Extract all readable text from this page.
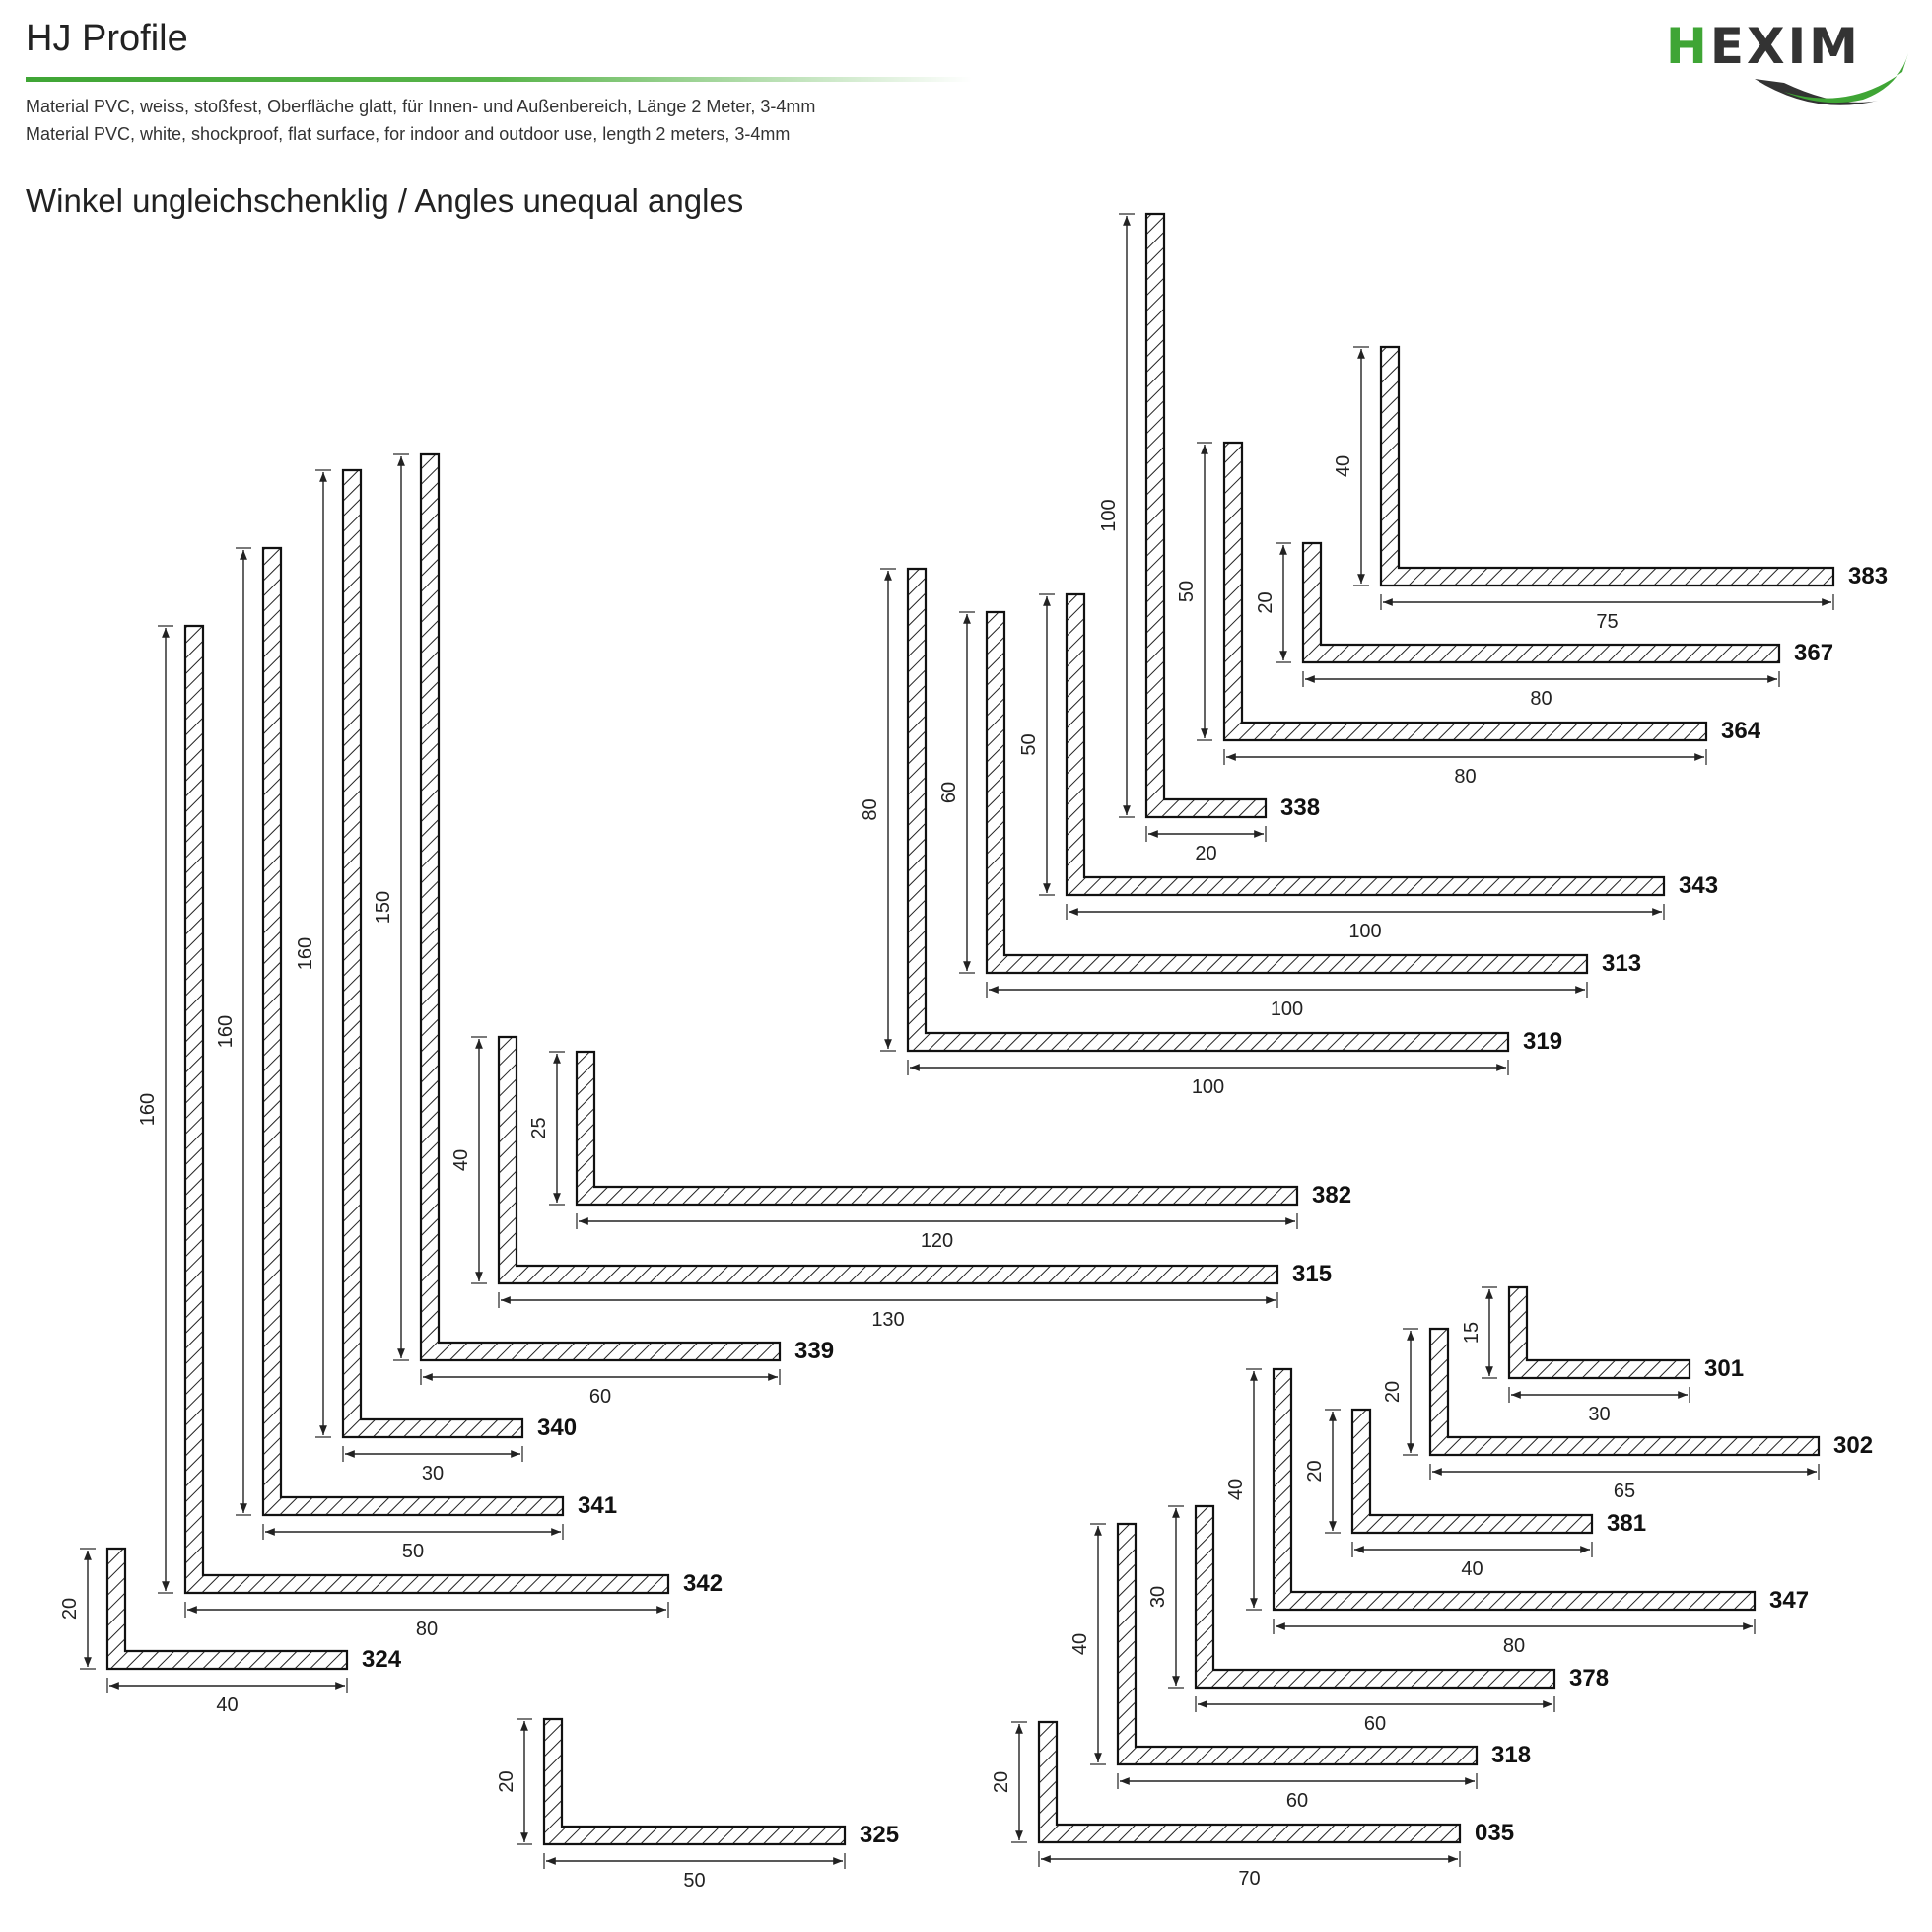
HJ Profile
Material PVC, weiss, stoßfest, Oberfläche glatt, für Innen- und Außenbereich, Länge 2 Meter, 3-4mm
Material PVC, white, shockproof, flat surface, for indoor and outdoor use, length 2 meters, 3-4mm
Winkel ungleichschenklig / Angles unequal angles
HEXIM
40
75
383
20
80
367
50
80
364
100
20
338
50
100
343
60
100
313
80
100
319
25
120
382
40
130
315
150
60
339
160
30
340
160
50
341
160
80
342
20
40
324
20
50
325
15
30
301
20
65
302
20
40
381
40
80
347
30
60
378
40
60
318
20
70
035
